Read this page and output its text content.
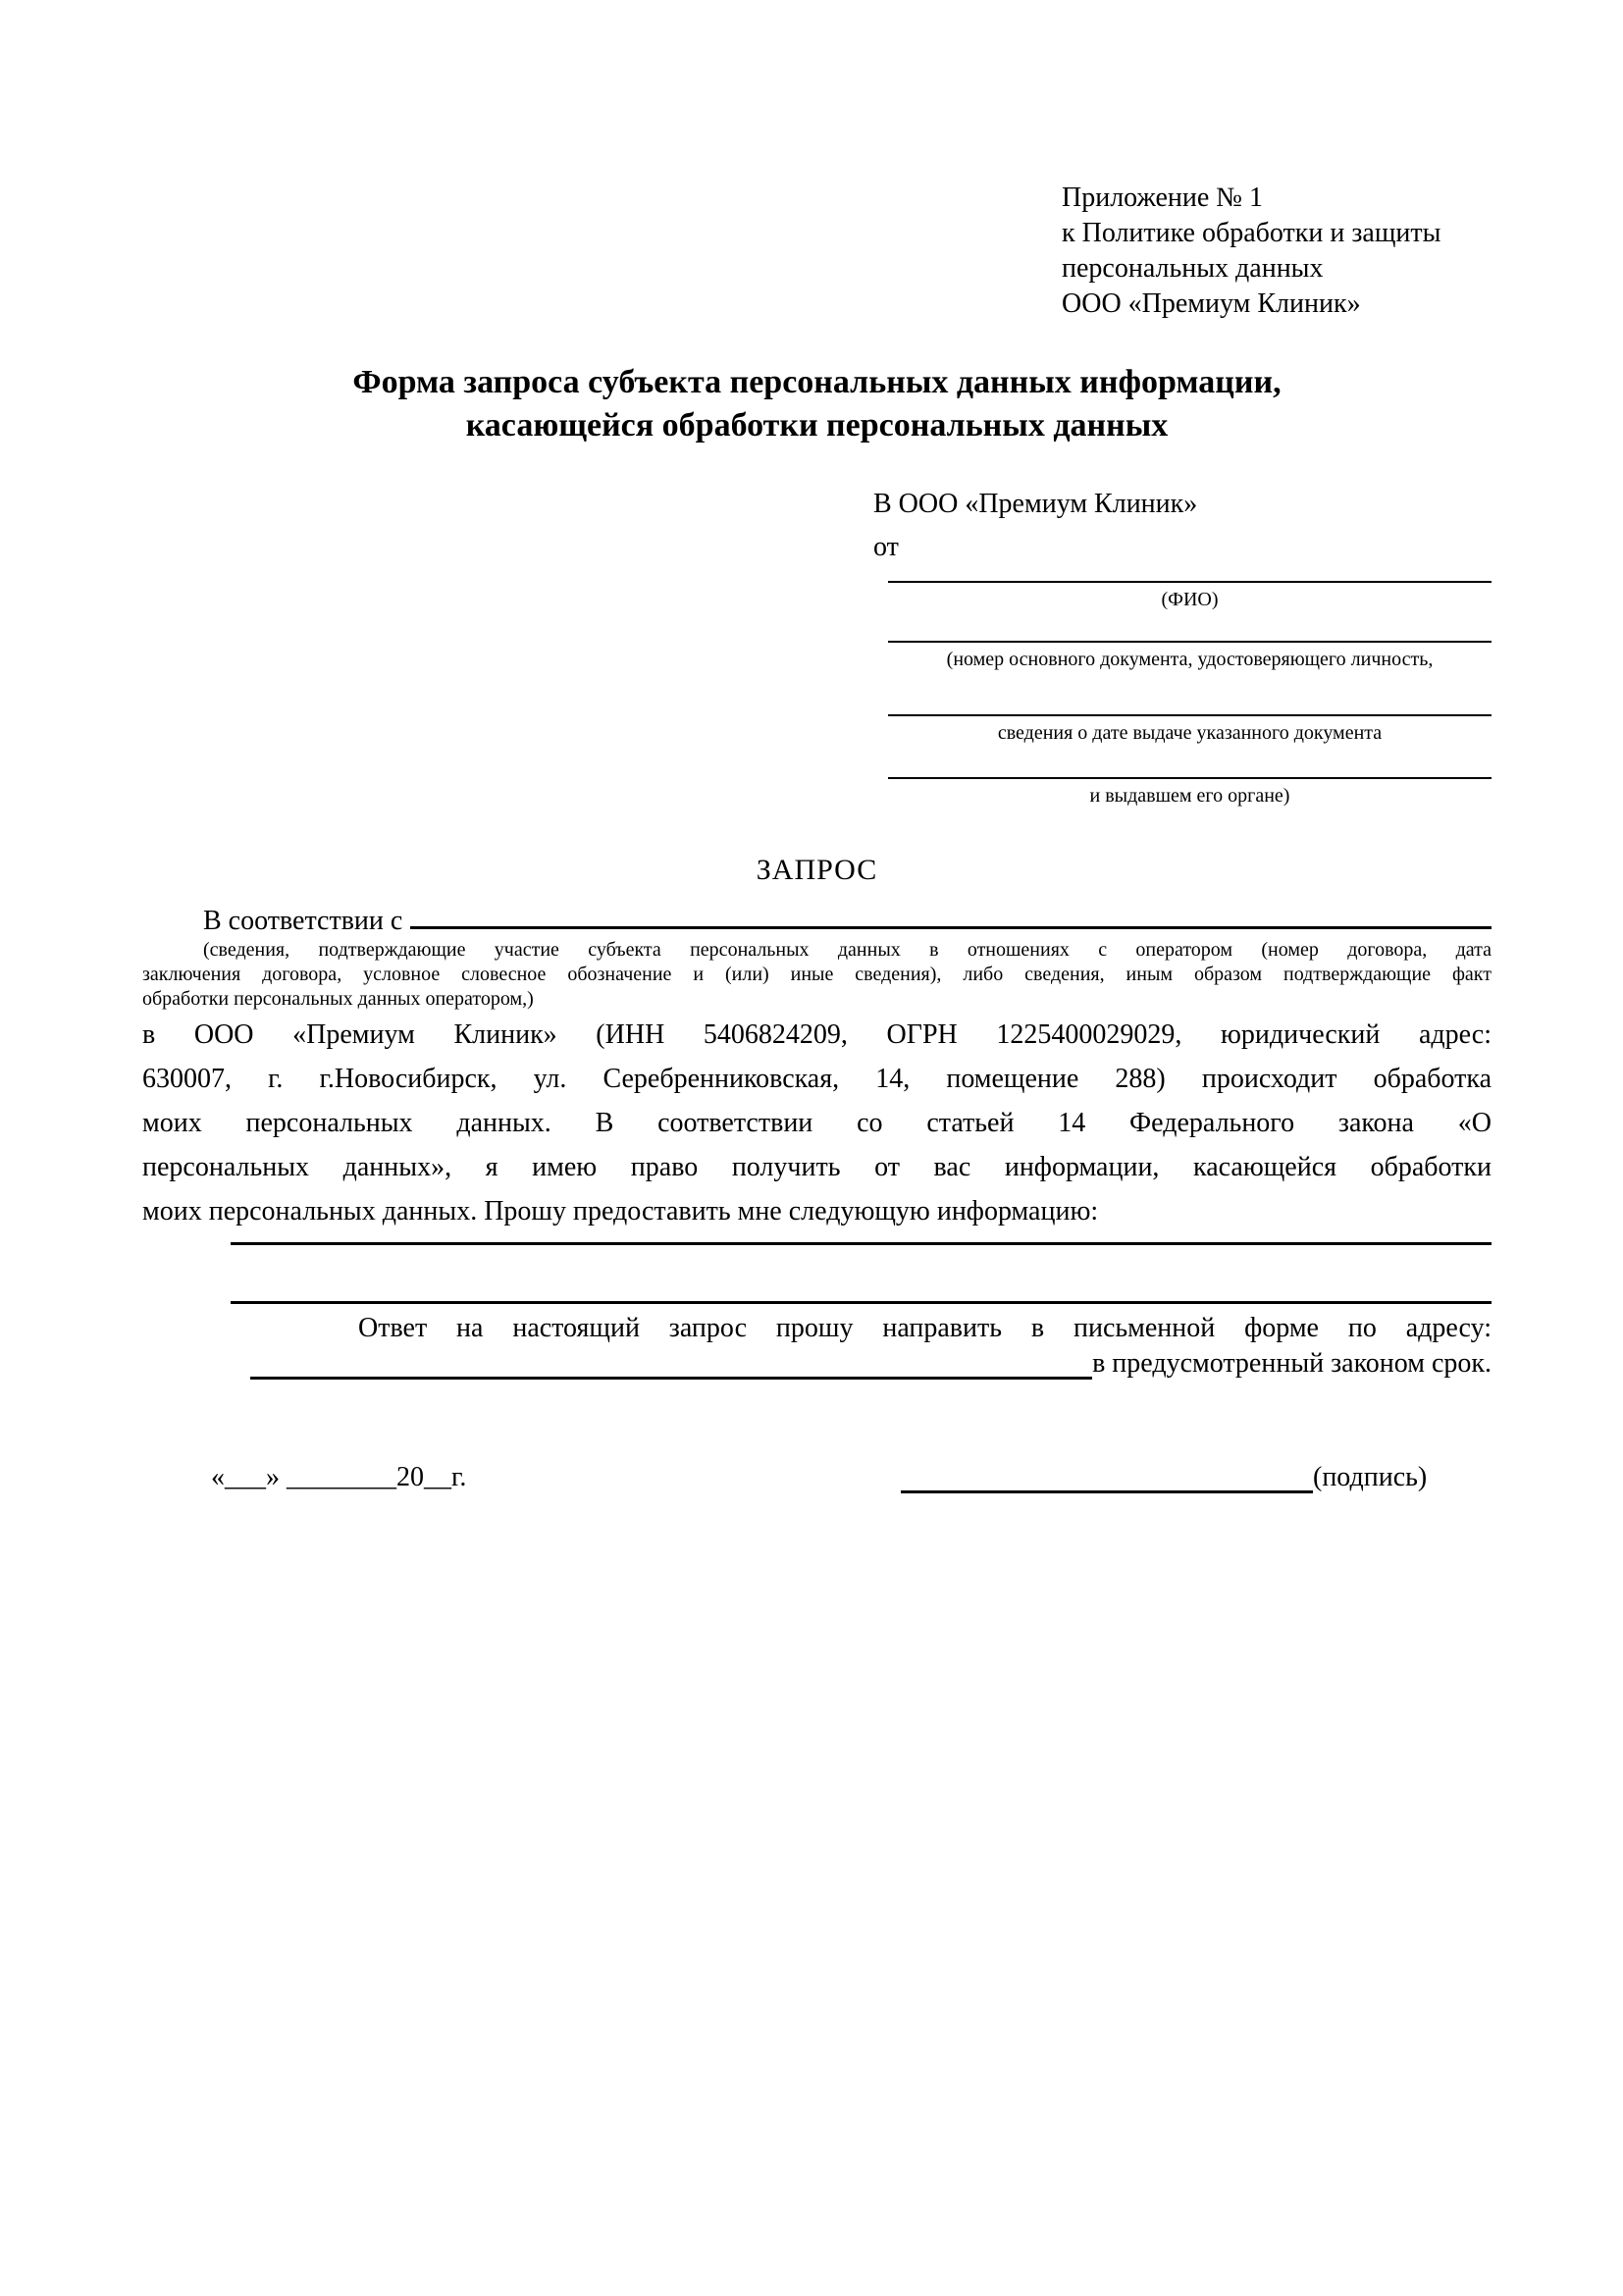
Приложение № 1
к Политике обработки и защиты
персональных данных
ООО «Премиум Клиник»
Форма запроса субъекта персональных данных информации,
касающейся обработки персональных данных
В ООО «Премиум Клиник»
от
(ФИО)
(номер основного документа, удостоверяющего личность,
сведения о дате выдаче указанного документа
и выдавшем его органе)
ЗАПРОС
В соответствии с
(сведения, подтверждающие участие субъекта персональных данных в отношениях с оператором (номер договора, дата
заключения договора, условное словесное обозначение и (или) иные сведения), либо сведения, иным образом подтверждающие факт
обработки персональных данных оператором,)
в ООО «Премиум Клиник» (ИНН 5406824209, ОГРН 1225400029029, юридический адрес:
630007, г. г.Новосибирск, ул. Серебренниковская, 14, помещение 288) происходит обработка
моих персональных данных. В соответствии со статьей 14 Федерального закона «О
персональных данных», я имею право получить от вас информации, касающейся обработки
моих персональных данных. Прошу предоставить мне следующую информацию:
Ответ на настоящий запрос прошу направить в письменной форме по адресу:
в предусмотренный законом срок.
«___» ________20__г.	(подпись)
